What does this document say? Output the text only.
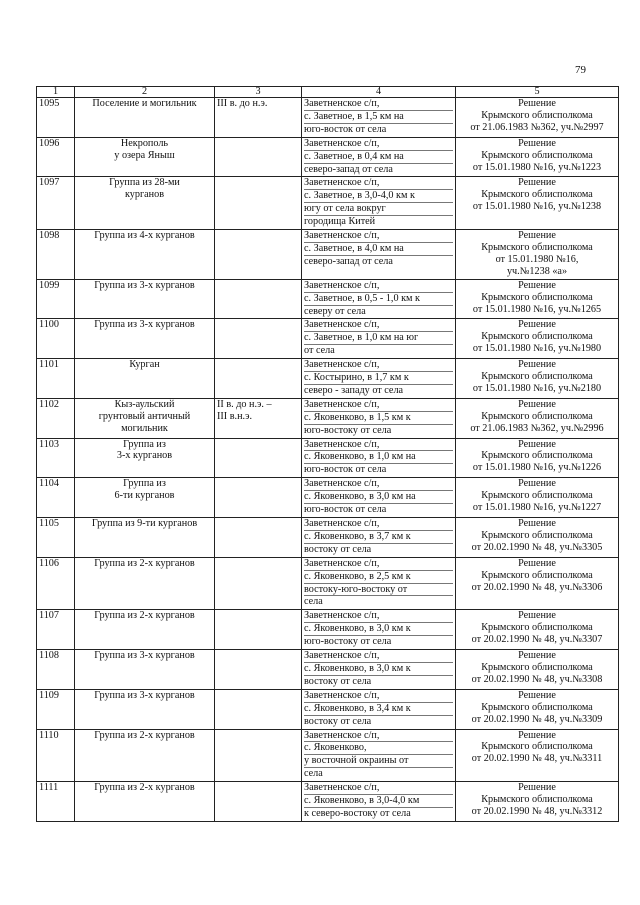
79
1	2	3	4	5
1095	Поселение и могильник	III в. до н.э.	Заветненское с/п,
с. Заветное, в 1,5 км на
юго-восток от села	Решение
Крымского облисполкома
от 21.06.1983 №362, уч.№2997

1096	Некрополь
у озера Яныш		Заветненское с/п,
с. Заветное, в 0,4 км на
северо-запад от села	Решение
Крымского облисполкома
от 15.01.1980 №16, уч.№1223

1097	Группа из 28-ми
курганов		Заветненское с/п,
с. Заветное, в 3,0-4,0 км к
югу от села вокруг
городища Китей	Решение
Крымского облисполкома
от 15.01.1980 №16, уч.№1238

1098	Группа из 4-х курганов		Заветненское с/п,
с. Заветное, в 4,0 км на
северо-запад от села	Решение
Крымского облисполкома
от 15.01.1980 №16,
уч.№1238 «а»

1099	Группа из 3-х курганов		Заветненское с/п,
с. Заветное, в 0,5 - 1,0 км к
северу от села	Решение
Крымского облисполкома
от 15.01.1980 №16, уч.№1265

1100	Группа из 3-х курганов		Заветненское с/п,
с. Заветное, в 1,0 км на юг
от села	Решение
Крымского облисполкома
от 15.01.1980 №16, уч.№1980

1101	Курган		Заветненское с/п,
с. Костырино, в 1,7 км к
северо - западу от села	Решение
Крымского облисполкома
от 15.01.1980 №16, уч.№2180

1102	Кыз-аульский
грунтовый античный
могильник	II в. до н.э. –
III в.н.э.	Заветненское с/п,
с. Яковенково, в 1,5 км к
юго-востоку от села	Решение
Крымского облисполкома
от 21.06.1983 №362, уч.№2996

1103	Группа из
3-х курганов		Заветненское с/п,
с. Яковенково, в 1,0 км на
юго-восток от села	Решение
Крымского облисполкома
от 15.01.1980 №16, уч.№1226

1104	Группа из
6-ти курганов		Заветненское с/п,
с. Яковенково, в 3,0 км на
юго-восток от села	Решение
Крымского облисполкома
от 15.01.1980 №16, уч.№1227

1105	Группа из 9-ти курганов		Заветненское с/п,
с. Яковенково, в 3,7 км к
востоку от села	Решение
Крымского облисполкома
от 20.02.1990 № 48, уч.№3305

1106	Группа из 2-х курганов		Заветненское с/п,
с. Яковенково, в 2,5 км к
востоку-юго-востоку от
села	Решение
Крымского облисполкома
от 20.02.1990 № 48, уч.№3306

1107	Группа из 2-х курганов		Заветненское с/п,
с. Яковенково, в 3,0 км к
юго-востоку от села	Решение
Крымского облисполкома
от 20.02.1990 № 48, уч.№3307

1108	Группа из 3-х курганов		Заветненское с/п,
с. Яковенково, в 3,0 км к
востоку от села	Решение
Крымского облисполкома
от 20.02.1990 № 48, уч.№3308

1109	Группа из 3-х курганов		Заветненское с/п,
с. Яковенково, в 3,4 км к
востоку от села	Решение
Крымского облисполкома
от 20.02.1990 № 48, уч.№3309

1110	Группа из 2-х курганов		Заветненское с/п,
с. Яковенково,
у восточной окраины от
села	Решение
Крымского облисполкома
от 20.02.1990 № 48, уч.№3311

1111	Группа из 2-х курганов		Заветненское с/п,
с. Яковенково, в 3,0-4,0 км
к северо-востоку от села	Решение
Крымского облисполкома
от 20.02.1990 № 48, уч.№3312
